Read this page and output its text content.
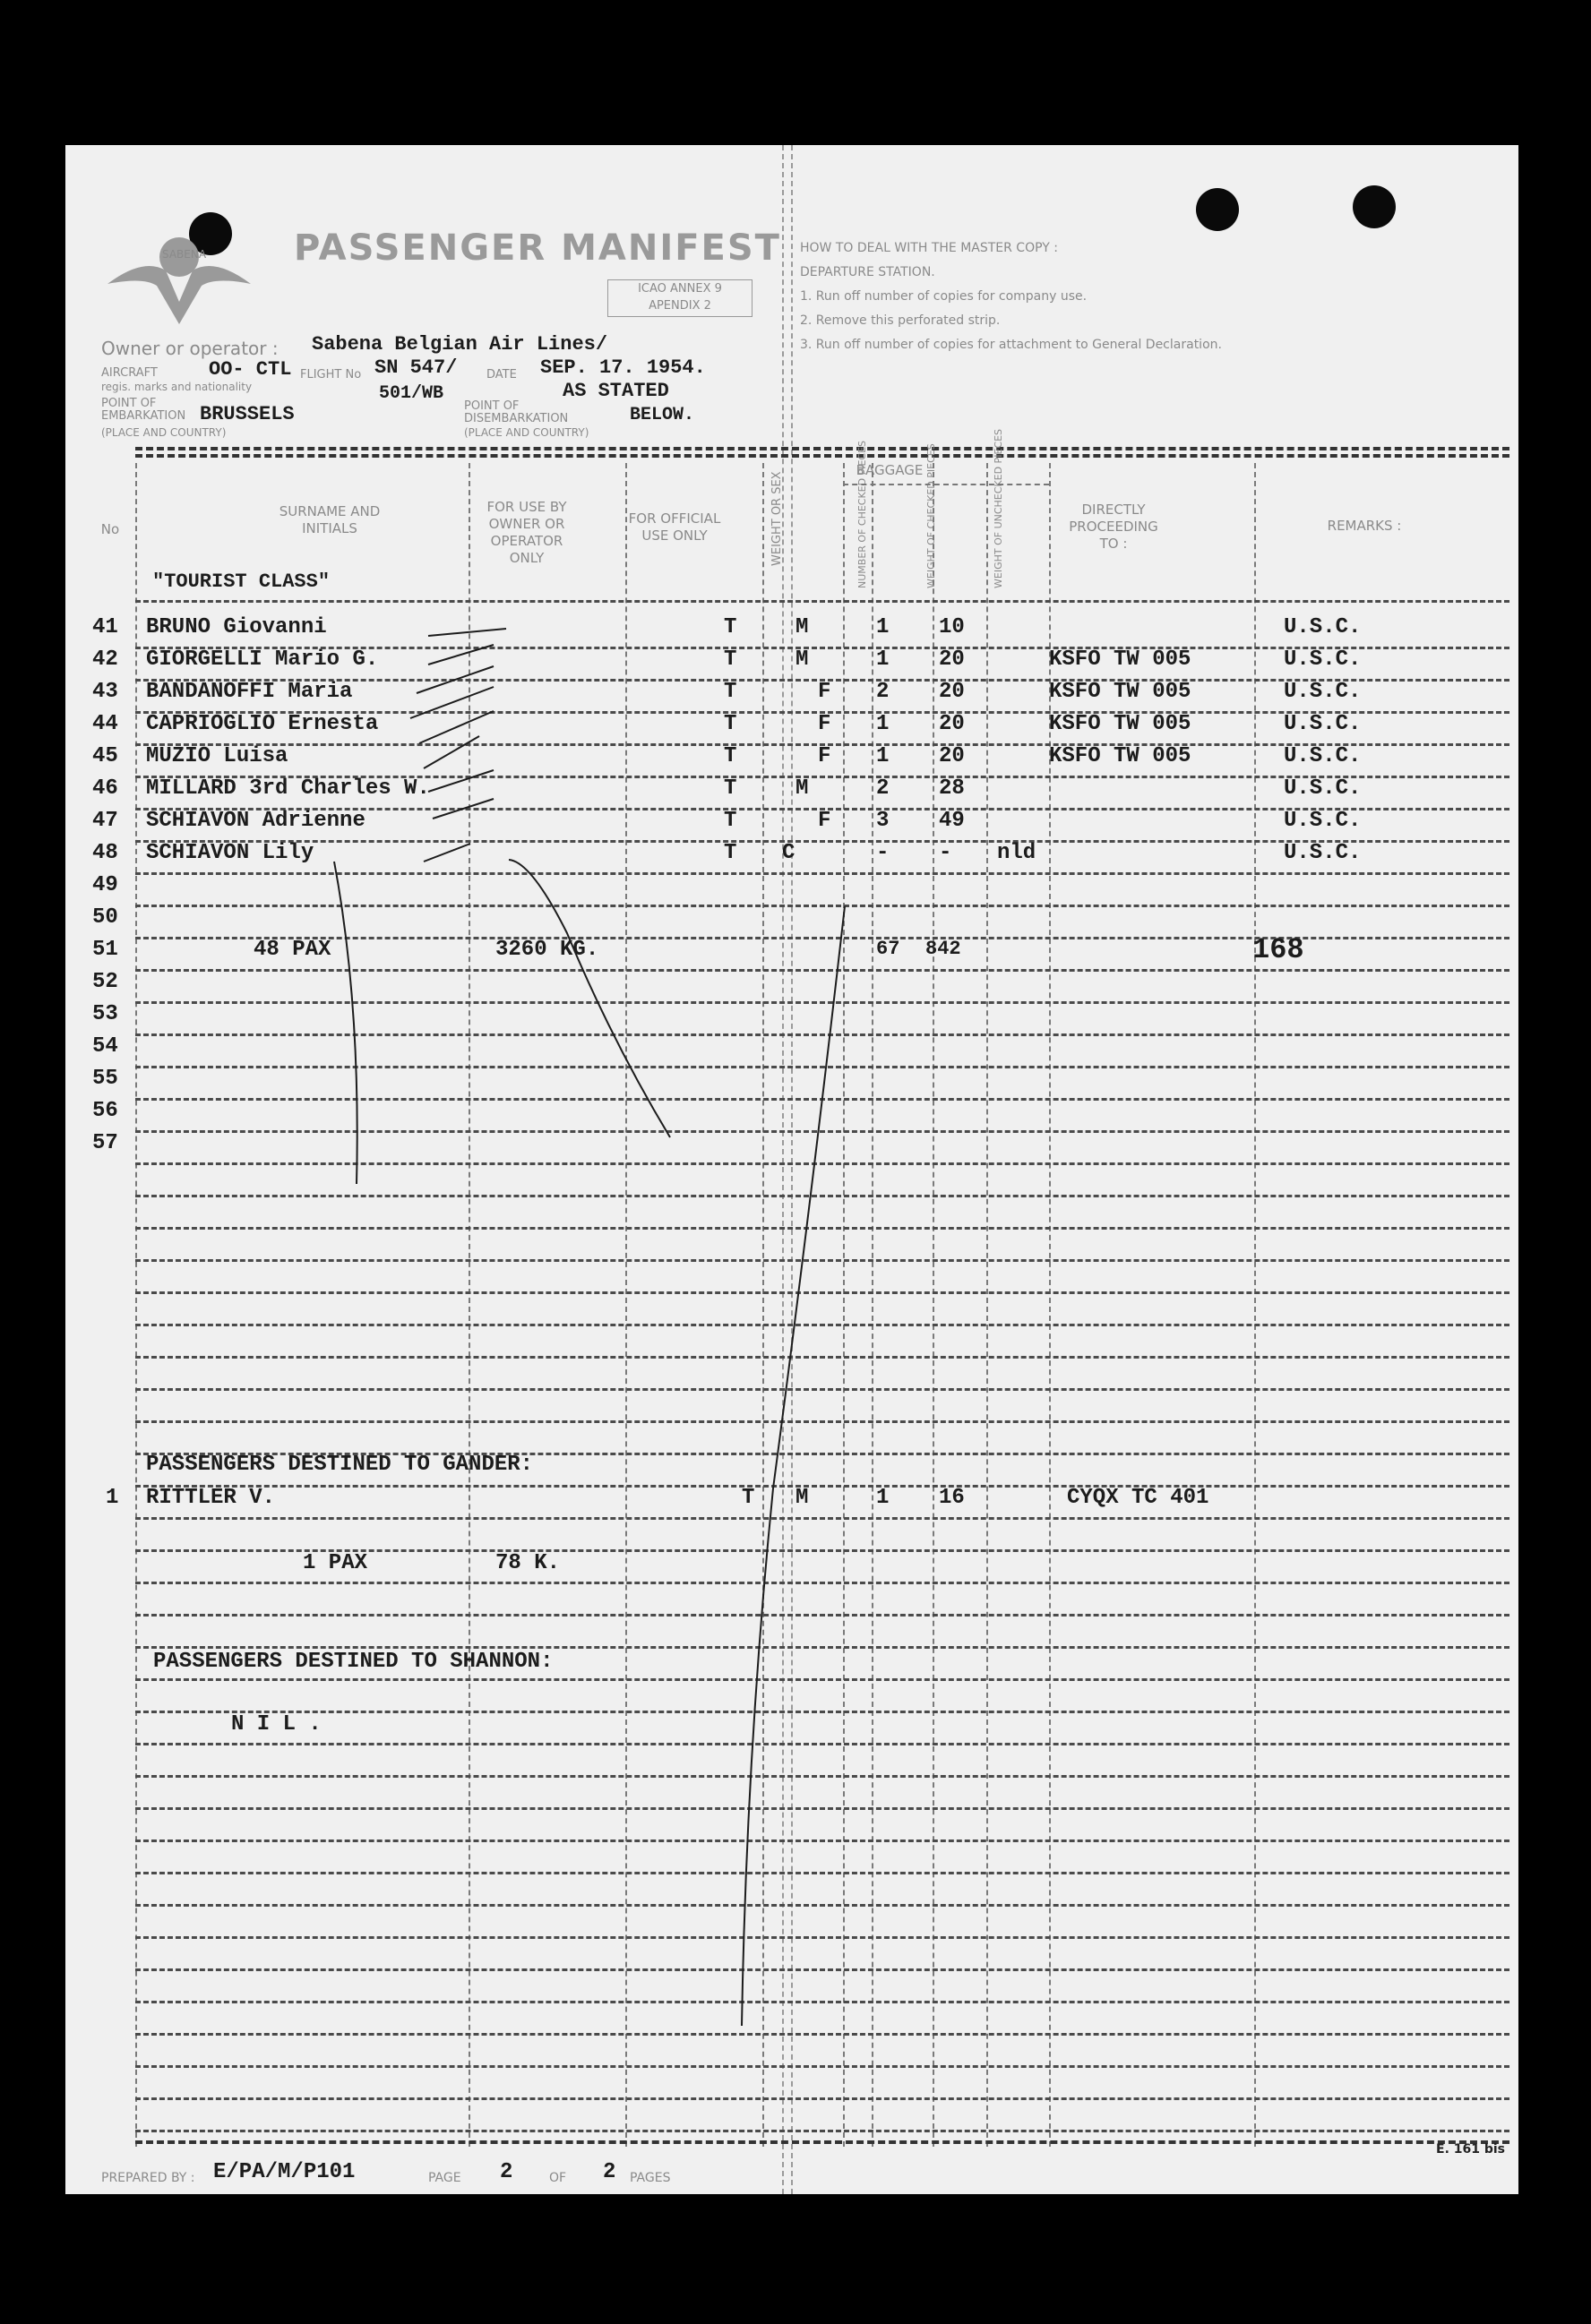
SABENA PASSENGER MANIFEST
ICAO ANNEX 9
APENDIX 2
HOW TO DEAL WITH THE MASTER COPY :
DEPARTURE STATION.
1. Run off number of copies for company use.
2. Remove this perforated strip.
3. Run off number of copies for attachment to General Declaration.
Owner or operator : Sabena Belgian Air Lines/
AIRCRAFT
regis. marks and nationality
OO- CTL FLIGHT No SN 547/
501/WB
DATE SEP. 17. 1954.
POINT OF EMBARKATION BRUSSELS
(PLACE AND COUNTRY)
POINT OF DISEMBARKATION
AS STATED
BELOW.
(PLACE AND COUNTRY)
No
SURNAME AND INITIALS
"TOURIST CLASS"
FOR USE BY OWNER OR OPERATOR ONLY
FOR OFFICIAL USE ONLY	WEIGHT OR SEX
BAGGAGE
NUMBER OF CHECKED PIECES	WEIGHT OF CHECKED PIECES	WEIGHT OF UNCHECKED PIECES	DIRECTLY PROCEEDING TO :
REMARKS :
41 BRUNO Giovanni	T	M	1 10	U.S.C.
42 GIORGELLI Mario G.	T	M	1 20	KSFO TW 005	U.S.C.
43 BANDANOFFI Maria	T	F 2 20	KSFO TW 005	U.S.C.
44 CAPRIOGLIO Ernesta	T	F 1 20	KSFO TW 005	U.S.C.
45 MUZIO Luisa	T	F 1 20	KSFO TW 005	U.S.C.
46 MILLARD 3rd Charles W.	T	M	2 28	U.S.C.
47 SCHIAVON Adrienne	T	F 3 49	U.S.C.
48 SCHIAVON Lily	T C	- - nld	U.S.C.
49
50
51
52
53
54
55
56
57
48 PAX	3260 KG.	67 842	168
PASSENGERS DESTINED TO GANDER:
1 RITTLER V.	T M	1 16	CYQX TC 401
1 PAX	78 K.
PASSENGERS DESTINED TO SHANNON:
N I L .
PREPARED BY : E/PA/M/P101	PAGE 2	OF 2 PAGES
E. 161 bis
